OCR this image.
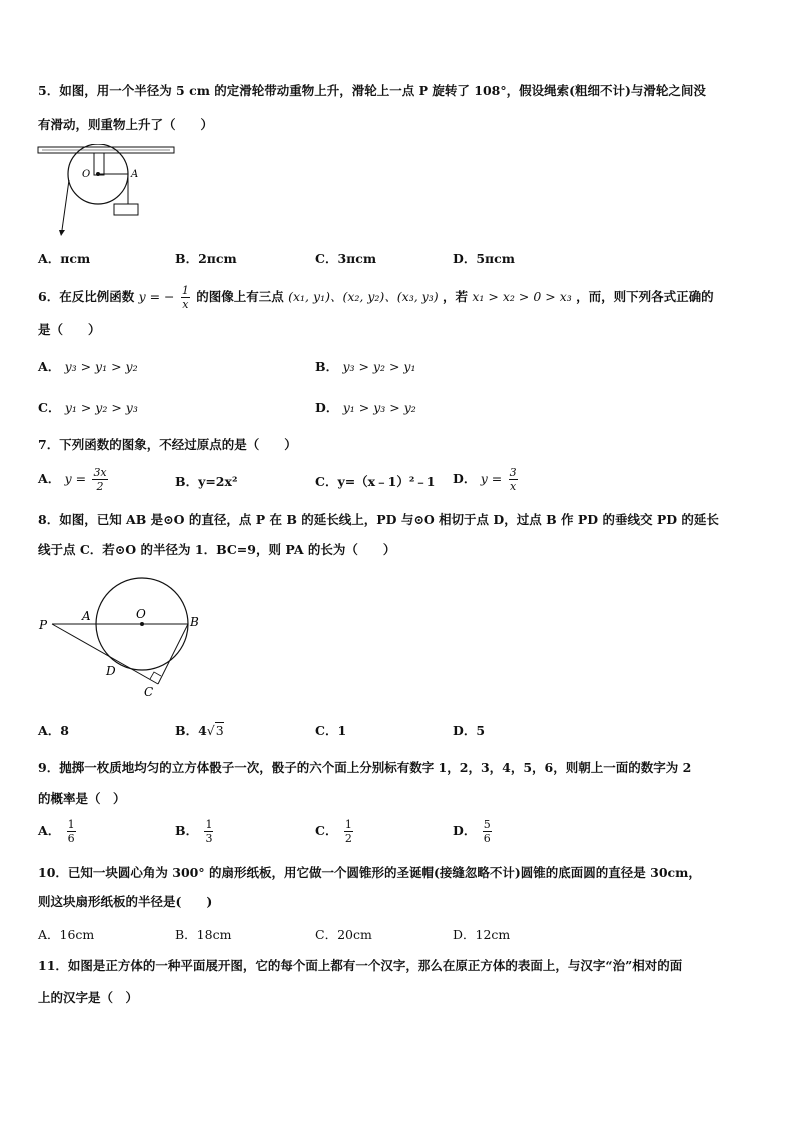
5．如图，用一个半径为 5 cm 的定滑轮带动重物上升，滑轮上一点 P 旋转了 108°，假设绳索(粗细不计)与滑轮之间没
有滑动，则重物上升了（　　）
O	A
A．πcm	B．2πcm	C．3πcm	D．5πcm
6．在反比例函数 y = − $\frac{1}{x}$ 的图像上有三点 (x₁, y₁)、(x₂, y₂)、(x₃, y₃) ，若 x₁ > x₂ > 0 > x₃ ，而，则下列各式正确的
是（　　）
A． y₃ > y₁ > y₂	B． y₃ > y₂ > y₁
C． y₁ > y₂ > y₃	D． y₁ > y₃ > y₂
7．下列函数的图象，不经过原点的是（　　）
A． $y = \frac{3x}{2}$	B．y=2x²	C．y=（x﹣1）²﹣1 D． $y = \frac{3}{x}$
8．如图，已知 AB 是⊙O 的直径，点 P 在 B 的延长线上，PD 与⊙O 相切于点 D，过点 B 作 PD 的垂线交 PD 的延长
线于点 C．若⊙O 的半径为 1．BC=9，则 PA 的长为（　　）
P
A	O
B
D
C
A．8	B．4√3	C．1	D．5
9．抛掷一枚质地均匀的立方体骰子一次，骰子的六个面上分别标有数字 1，2，3，4，5，6，则朝上一面的数字为 2
的概率是（　）
A． $\frac{1}{6}$	B． $\frac{1}{3}$	C． $\frac{1}{2}$	D． $\frac{5}{6}$
10．已知一块圆心角为 300° 的扇形纸板，用它做一个圆锥形的圣诞帽(接缝忽略不计)圆锥的底面圆的直径是 30cm，
则这块扇形纸板的半径是(　　)
A．16cm	B．18cm	C．20cm	D．12cm
11．如图是正方体的一种平面展开图，它的每个面上都有一个汉字，那么在原正方体的表面上，与汉字“治”相对的面
上的汉字是（　）
